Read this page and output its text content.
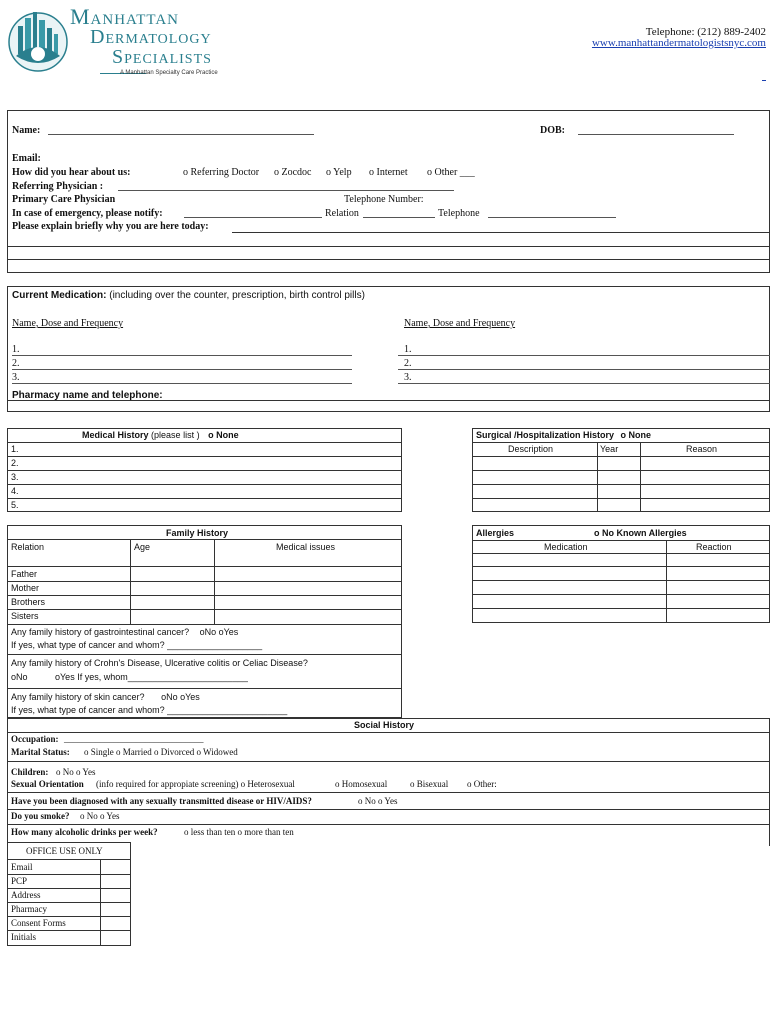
Manhattan
Dermatology
Specialists
A Manhattan Specialty Care Practice
Telephone: (212) 889-2402
www.manhattandermatologistsnyc.com
Name:	DOB:
Email:
How did you hear about us:	o Referring Doctor o Zocdoc o Yelp o Internet o Other ___
Referring Physician :
Primary Care Physician	Telephone Number:
In case of emergency, please notify:	Relation	Telephone
Please explain briefly why you are here today:
Current Medication: (including over the counter, prescription, birth control pills)
Name, Dose and Frequency	Name, Dose and Frequency
1.
2.
3.
1.
2.
3.
Pharmacy name and telephone:
Medical History (please list ) o None
1.
2.
3.
4.
5.
Surgical /Hospitalization History o None
Description	Year	Reason
Family History
Relation	Age	Medical issues
Father
Mother
Brothers
Sisters
Any family history of gastrointestinal cancer? oNo oYes
If yes, what type of cancer and whom? ___________________
Any family history of Crohn's Disease, Ulcerative colitis or Celiac Disease?
oNo	oYes If yes, whom________________________
Any family history of skin cancer? oNo oYes
If yes, what type of cancer and whom? ________________________
Allergies	o No Known Allergies
Medication	Reaction
Social History
Occupation: _______________________________
Marital Status: o Single o Married o Divorced o Widowed
Children: o No o Yes
Sexual Orientation (info required for appropiate screening) o Heterosexual	o Homosexual	o Bisexual o Other:
Have you been diagnosed with any sexually transmitted disease or HIV/AIDS?	o No o Yes
Do you smoke? o No o Yes
How many alcoholic drinks per week?	o less than ten o more than ten
OFFICE USE ONLY
Email
PCP
Address
Pharmacy
Consent Forms
Initials
